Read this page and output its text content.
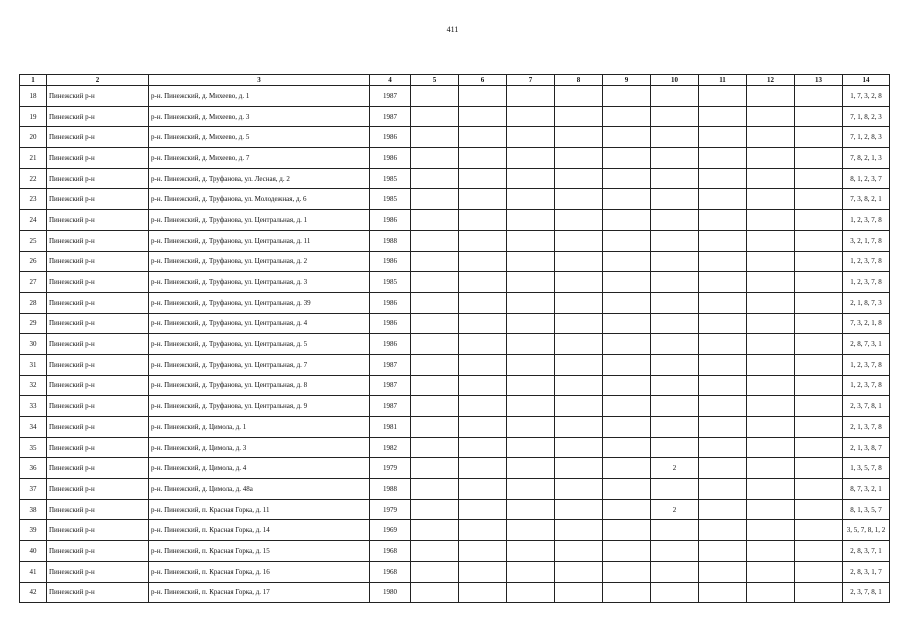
411
1	2	3	4	5	6	7	8	9	10	11	12	13	14
18	Пинежский р-н	р-н. Пинежский, д. Михеево, д. 1	1987										1, 7, 3, 2, 8
19	Пинежский р-н	р-н. Пинежский, д. Михеево, д. 3	1987										7, 1, 8, 2, 3
20	Пинежский р-н	р-н. Пинежский, д. Михеево, д. 5	1986										7, 1, 2, 8, 3
21	Пинежский р-н	р-н. Пинежский, д. Михеево, д. 7	1986										7, 8, 2, 1, 3
22	Пинежский р-н	р-н. Пинежский, д. Труфанова, ул. Лесная, д. 2	1985										8, 1, 2, 3, 7
23	Пинежский р-н	р-н. Пинежский, д. Труфанова, ул. Молодежная, д. 6	1985										7, 3, 8, 2, 1
24	Пинежский р-н	р-н. Пинежский, д. Труфанова, ул. Центральная, д. 1	1986										1, 2, 3, 7, 8
25	Пинежский р-н	р-н. Пинежский, д. Труфанова, ул. Центральная, д. 11	1988										3, 2, 1, 7, 8
26	Пинежский р-н	р-н. Пинежский, д. Труфанова, ул. Центральная, д. 2	1986										1, 2, 3, 7, 8
27	Пинежский р-н	р-н. Пинежский, д. Труфанова, ул. Центральная, д. 3	1985										1, 2, 3, 7, 8
28	Пинежский р-н	р-н. Пинежский, д. Труфанова, ул. Центральная, д. 39	1986										2, 1, 8, 7, 3
29	Пинежский р-н	р-н. Пинежский, д. Труфанова, ул. Центральная, д. 4	1986										7, 3, 2, 1, 8
30	Пинежский р-н	р-н. Пинежский, д. Труфанова, ул. Центральная, д. 5	1986										2, 8, 7, 3, 1
31	Пинежский р-н	р-н. Пинежский, д. Труфанова, ул. Центральная, д. 7	1987										1, 2, 3, 7, 8
32	Пинежский р-н	р-н. Пинежский, д. Труфанова, ул. Центральная, д. 8	1987										1, 2, 3, 7, 8
33	Пинежский р-н	р-н. Пинежский, д. Труфанова, ул. Центральная, д. 9	1987										2, 3, 7, 8, 1
34	Пинежский р-н	р-н. Пинежский, д. Цимола, д. 1	1981										2, 1, 3, 7, 8
35	Пинежский р-н	р-н. Пинежский, д. Цимола, д. 3	1982										2, 1, 3, 8, 7
36	Пинежский р-н	р-н. Пинежский, д. Цимола, д. 4	1979						2				1, 3, 5, 7, 8
37	Пинежский р-н	р-н. Пинежский, д. Цимола, д. 48а	1988										8, 7, 3, 2, 1
38	Пинежский р-н	р-н. Пинежский, п. Красная Горка, д. 11	1979						2				8, 1, 3, 5, 7
39	Пинежский р-н	р-н. Пинежский, п. Красная Горка, д. 14	1969										3, 5, 7, 8, 1, 2
40	Пинежский р-н	р-н. Пинежский, п. Красная Горка, д. 15	1968										2, 8, 3, 7, 1
41	Пинежский р-н	р-н. Пинежский, п. Красная Горка, д. 16	1968										2, 8, 3, 1, 7
42	Пинежский р-н	р-н. Пинежский, п. Красная Горка, д. 17	1980										2, 3, 7, 8, 1
